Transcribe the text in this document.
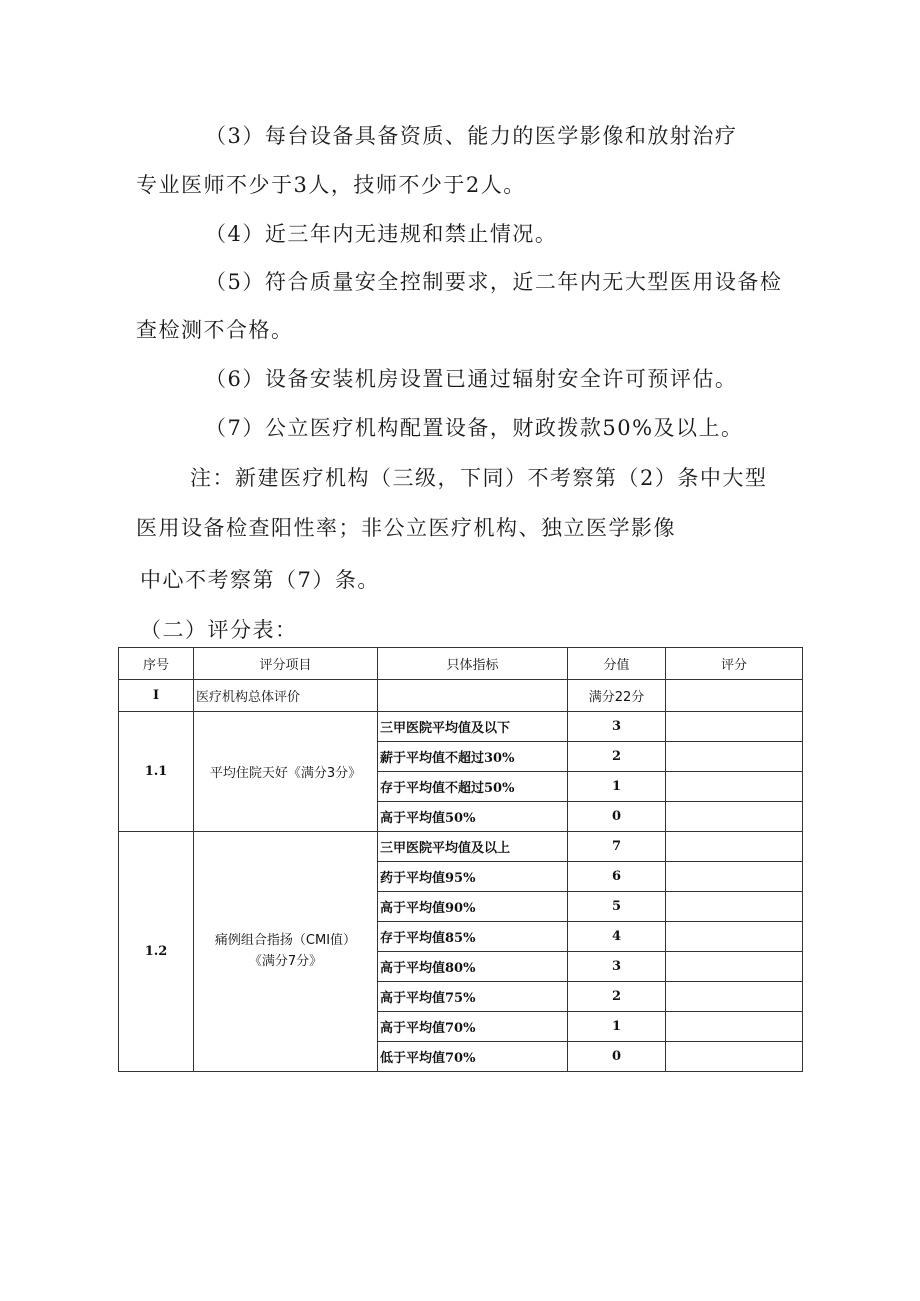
（3）每台设备具备资质、能力的医学影像和放射治疗
专业医师不少于3人，技师不少于2人。
（4）近三年内无违规和禁止情况。
（5）符合质量安全控制要求，近二年内无大型医用设备检
查检测不合格。
（6）设备安装机房设置已通过辐射安全许可预评估。
（7）公立医疗机构配置设备，财政拨款50%及以上。
注：新建医疗机构（三级，下同）不考察第（2）条中大型
医用设备检查阳性率；非公立医疗机构、独立医学影像
中心不考察第（7）条。
（二）评分表：
序号	评分项目	只体指标	分值	评分
I	医疗机构总体评价		满分22分	
1.1	平均住院天好《满分3分》	三甲医院平均值及以下	3	
		薪于平均值不超过30%	2	
		存于平均值不超过50%	1	
		高于平均值50%	0	
1.2	痛例组合指扬（CMI值）
《满分7分》	三甲医院平均值及以上	7	
		药于平均值95%	6	
		高于平均值90%	5	
		存于平均值85%	4	
		高于平均值80%	3	
		高于平均值75%	2	
		高于平均值70%	1	
		低于平均值70%	0	
